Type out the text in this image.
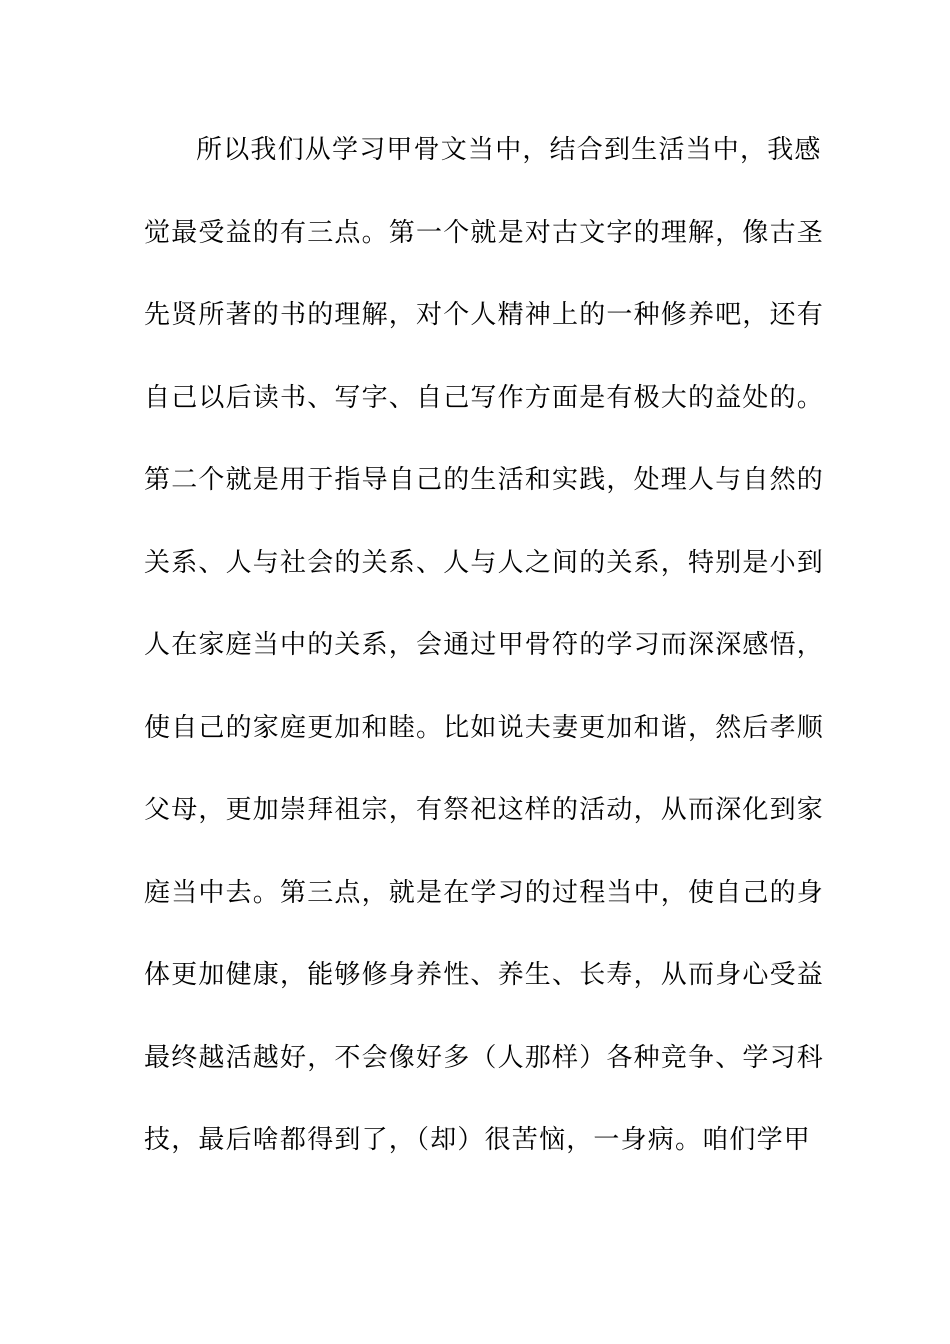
所以我们从学习甲骨文当中，结合到生活当中，我感
觉最受益的有三点。第一个就是对古文字的理解，像古圣
先贤所著的书的理解，对个人精神上的一种修养吧，还有
自己以后读书、写字、自己写作方面是有极大的益处的。
第二个就是用于指导自己的生活和实践，处理人与自然的
关系、人与社会的关系、人与人之间的关系，特别是小到
人在家庭当中的关系，会通过甲骨符的学习而深深感悟，
使自己的家庭更加和睦。比如说夫妻更加和谐，然后孝顺
父母，更加崇拜祖宗，有祭祀这样的活动，从而深化到家
庭当中去。第三点，就是在学习的过程当中，使自己的身
体更加健康，能够修身养性、养生、长寿，从而身心受益
最终越活越好，不会像好多（人那样）各种竞争、学习科
技，最后啥都得到了，（却）很苦恼，一身病。咱们学甲
